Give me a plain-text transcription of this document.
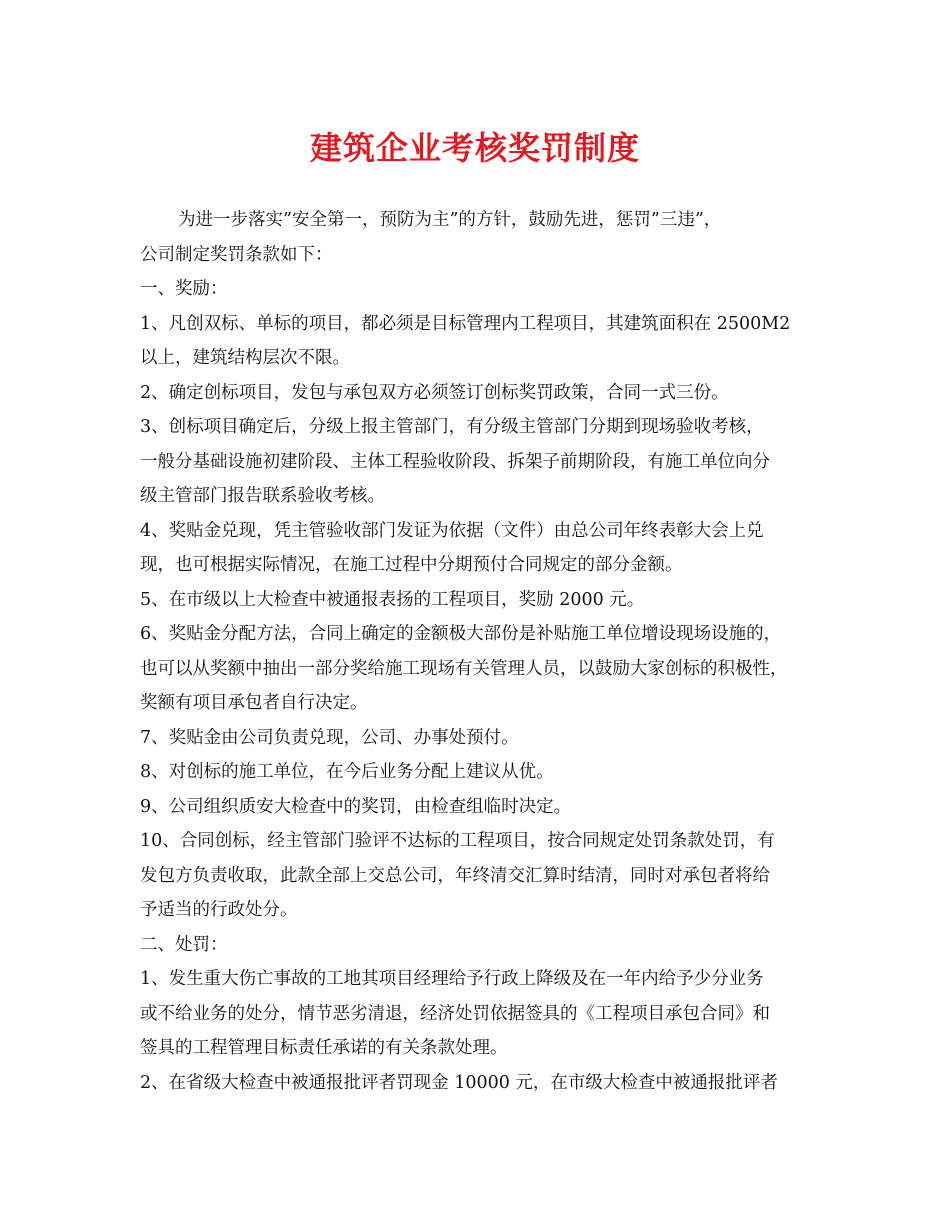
建筑企业考核奖罚制度
为进一步落实”安全第一，预防为主”的方针，鼓励先进，惩罚”三违”，
公司制定奖罚条款如下：
一、奖励：
1、凡创双标、单标的项目，都必须是目标管理内工程项目，其建筑面积在 2500M2
以上，建筑结构层次不限。
2、确定创标项目，发包与承包双方必须签订创标奖罚政策，合同一式三份。
3、创标项目确定后，分级上报主管部门，有分级主管部门分期到现场验收考核，
一般分基础设施初建阶段、主体工程验收阶段、拆架子前期阶段，有施工单位向分
级主管部门报告联系验收考核。
4、奖贴金兑现，凭主管验收部门发证为依据（文件）由总公司年终表彰大会上兑
现，也可根据实际情况，在施工过程中分期预付合同规定的部分金额。
5、在市级以上大检查中被通报表扬的工程项目，奖励 2000 元。
6、奖贴金分配方法，合同上确定的金额极大部份是补贴施工单位增设现场设施的，
也可以从奖额中抽出一部分奖给施工现场有关管理人员，以鼓励大家创标的积极性，
奖额有项目承包者自行决定。
7、奖贴金由公司负责兑现，公司、办事处预付。
8、对创标的施工单位，在今后业务分配上建议从优。
9、公司组织质安大检查中的奖罚，由检查组临时决定。
10、合同创标，经主管部门验评不达标的工程项目，按合同规定处罚条款处罚，有
发包方负责收取，此款全部上交总公司，年终清交汇算时结清，同时对承包者将给
予适当的行政处分。
二、处罚：
1、发生重大伤亡事故的工地其项目经理给予行政上降级及在一年内给予少分业务
或不给业务的处分，情节恶劣清退，经济处罚依据签具的《工程项目承包合同》和
签具的工程管理目标责任承诺的有关条款处理。
2、在省级大检查中被通报批评者罚现金 10000 元，在市级大检查中被通报批评者
